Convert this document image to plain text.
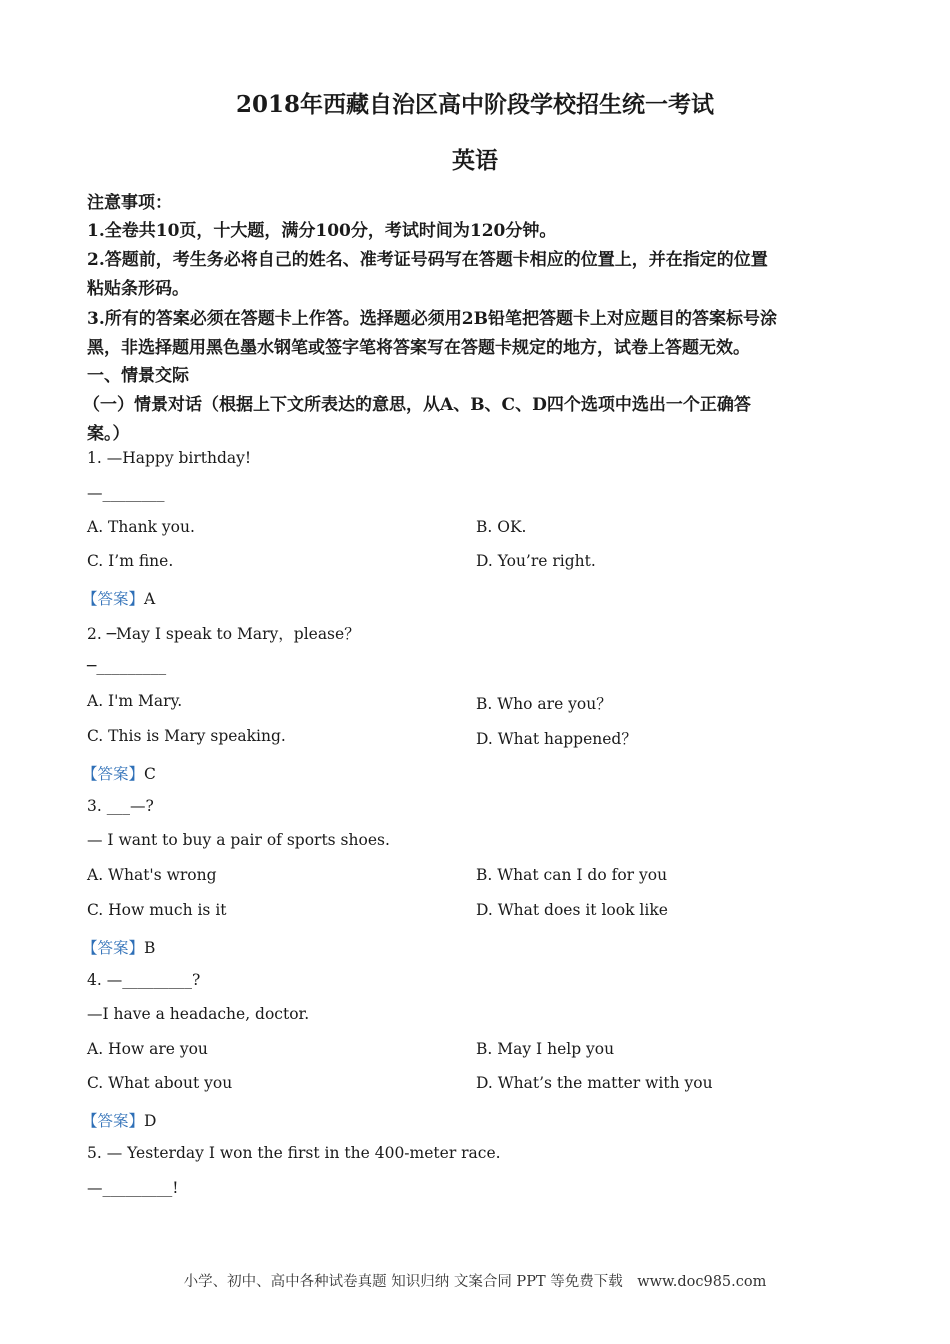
2018年西藏自治区高中阶段学校招生统一考试
英语
注意事项：
1.全卷共10页，十大题，满分100分，考试时间为120分钟。
2.答题前，考生务必将自己的姓名、准考证号码写在答题卡相应的位置上，并在指定的位置
粘贴条形码。
3.所有的答案必须在答题卡上作答。选择题必须用2B铅笔把答题卡上对应题目的答案标号涂
黑，非选择题用黑色墨水钢笔或签字笔将答案写在答题卡规定的地方，试卷上答题无效。
一、情景交际
（一）情景对话（根据上下文所表达的意思，从A、B、C、D四个选项中选出一个正确答
案。）
1. —Happy birthday!
—________
A. Thank you.	B. OK.
C. I’m fine.	D. You’re right.
【答案】A
2. ─May I speak to Mary，please？
─_________
A. I'm Mary.	B. Who are you？
C. This is Mary speaking.	D. What happened？
【答案】C
3. ___—?
— I want to buy a pair of sports shoes.
A. What's wrong	B. What can I do for you
C. How much is it	D. What does it look like
【答案】B
4. —_________?
—I have a headache, doctor.
A. How are you	B. May I help you
C. What about you	D. What’s the matter with you
【答案】D
5. — Yesterday I won the first in the 400-meter race.
—_________!
小学、初中、高中各种试卷真题 知识归纳 文案合同 PPT 等免费下载　www.doc985.com
